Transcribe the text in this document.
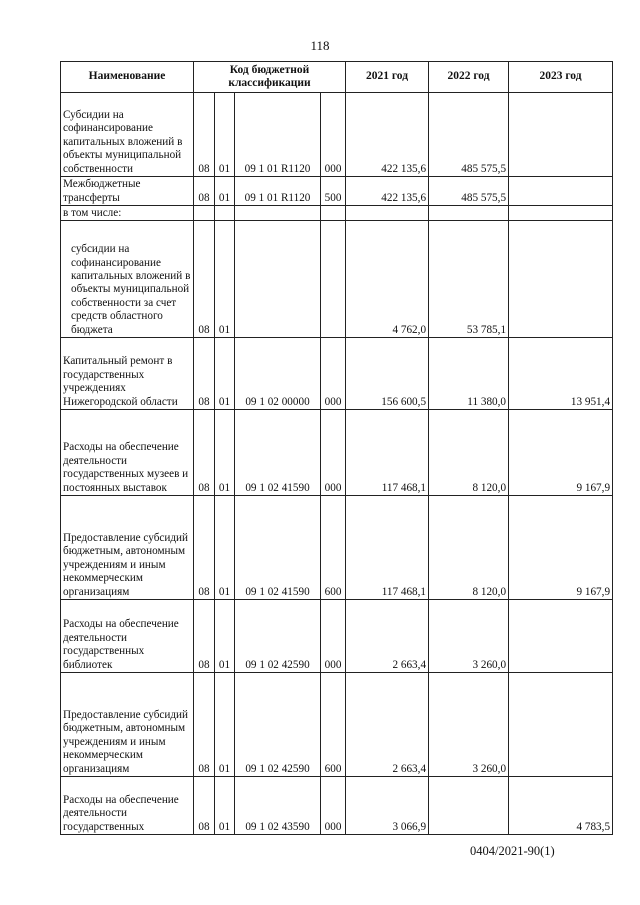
118
Наименование	Код бюджетной классификации				2021 год	2022 год	2023 год
Субсидии на софинансирование капитальных вложений в объекты муниципальной собственности	08	01	09 1 01 R1120	000	422 135,6	485 575,5	
Межбюджетные трансферты	08	01	09 1 01 R1120	500	422 135,6	485 575,5	
в том числе:							
субсидии на софинансирование капитальных вложений в объекты муниципальной собственности за счет средств областного бюджета	08	01			4 762,0	53 785,1	
Капитальный ремонт в государственных учреждениях Нижегородской области	08	01	09 1 02 00000	000	156 600,5	11 380,0	13 951,4
Расходы на обеспечение деятельности государственных музеев и постоянных выставок	08	01	09 1 02 41590	000	117 468,1	8 120,0	9 167,9
Предоставление субсидий бюджетным, автономным учреждениям и иным некоммерческим организациям	08	01	09 1 02 41590	600	117 468,1	8 120,0	9 167,9
Расходы на обеспечение деятельности государственных библиотек	08	01	09 1 02 42590	000	2 663,4	3 260,0	
Предоставление субсидий бюджетным, автономным учреждениям и иным некоммерческим организациям	08	01	09 1 02 42590	600	2 663,4	3 260,0	
Расходы на обеспечение деятельности государственных	08	01	09 1 02 43590	000	3 066,9		4 783,5
0404/2021-90(1)
